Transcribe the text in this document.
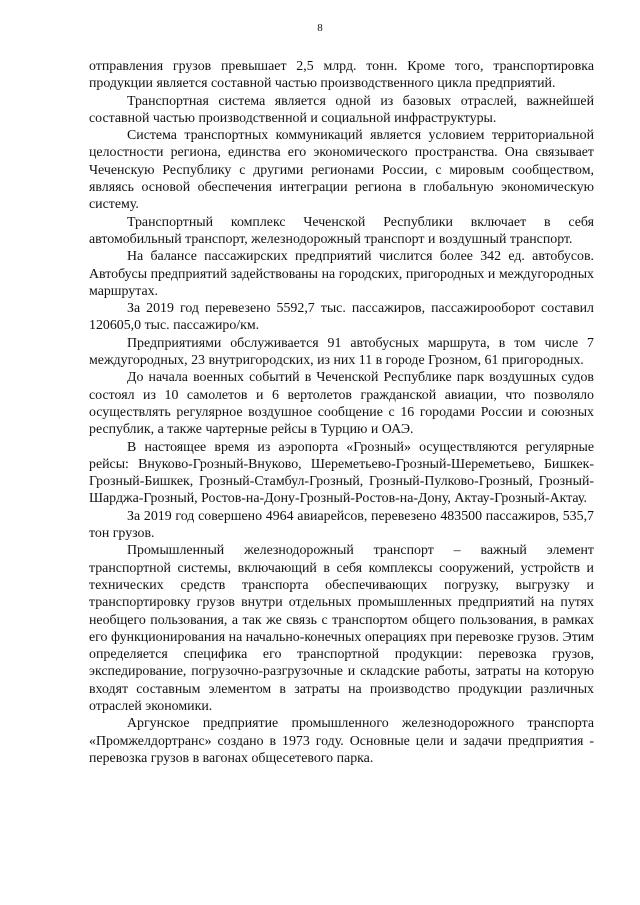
8

отправления грузов превышает 2,5 млрд. тонн. Кроме того, транспортировка продукции является составной частью производственного цикла предприятий.

Транспортная система является одной из базовых отраслей, важнейшей составной частью производственной и социальной инфраструктуры.

Система транспортных коммуникаций является условием территориальной целостности региона, единства его экономического пространства. Она связывает Чеченскую Республику с другими регионами России, с мировым сообществом, являясь основой обеспечения интеграции региона в глобальную экономическую систему.

Транспортный комплекс Чеченской Республики включает в себя автомобильный транспорт, железнодорожный транспорт и воздушный транспорт.

На балансе пассажирских предприятий числится более 342 ед. автобусов. Автобусы предприятий задействованы на городских, пригородных и междугородных маршрутах.

За 2019 год перевезено 5592,7 тыс. пассажиров, пассажирооборот составил 120605,0 тыс. пассажиро/км.

Предприятиями обслуживается 91 автобусных маршрута, в том числе 7 междугородных, 23 внутригородских, из них 11 в городе Грозном, 61 пригородных.

До начала военных событий в Чеченской Республике парк воздушных судов состоял из 10 самолетов и 6 вертолетов гражданской авиации, что позволяло осуществлять регулярное воздушное сообщение с 16 городами России и союзных республик, а также чартерные рейсы в Турцию и ОАЭ.

В настоящее время из аэропорта «Грозный» осуществляются регулярные рейсы: Внуково-Грозный-Внуково, Шереметьево-Грозный-Шереметьево, Бишкек-Грозный-Бишкек, Грозный-Стамбул-Грозный, Грозный-Пулково-Грозный, Грозный-Шарджа-Грозный, Ростов-на-Дону-Грозный-Ростов-на-Дону, Актау-Грозный-Актау.

За 2019 год совершено 4964 авиарейсов, перевезено 483500 пассажиров, 535,7 тон грузов.

Промышленный железнодорожный транспорт – важный элемент транспортной системы, включающий в себя комплексы сооружений, устройств и технических средств транспорта обеспечивающих погрузку, выгрузку и транспортировку грузов внутри отдельных промышленных предприятий на путях необщего пользования, а так же связь с транспортом общего пользования, в рамках его функционирования на начально-конечных операциях при перевозке грузов. Этим определяется специфика его транспортной продукции: перевозка грузов, экспедирование, погрузочно-разгрузочные и складские работы, затраты на которую входят составным элементом в затраты на производство продукции различных отраслей экономики.

Аргунское предприятие промышленного железнодорожного транспорта «Промжелдортранс» создано в 1973 году. Основные цели и задачи предприятия - перевозка грузов в вагонах общесетевого парка.
